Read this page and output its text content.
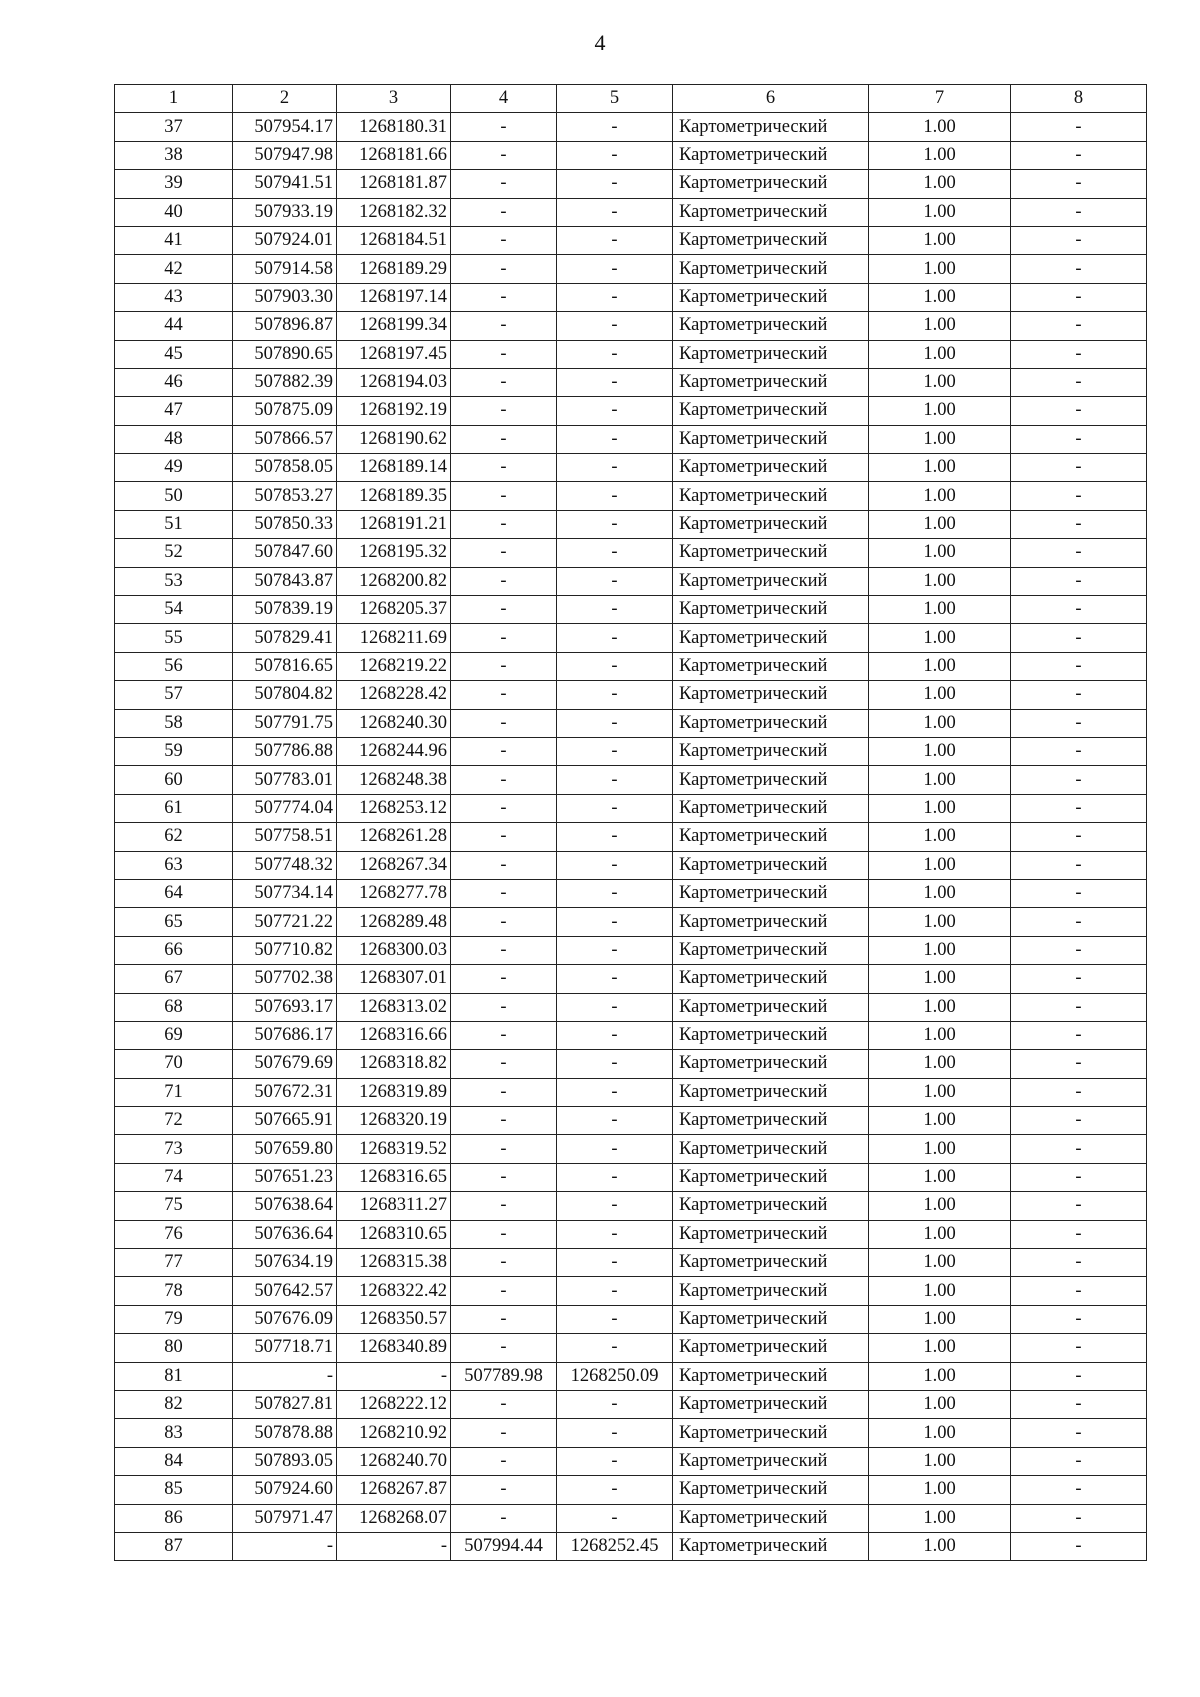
4
1	2	3	4	5	6	7	8
37	507954.17	1268180.31	-	-	Картометрический	1.00	-
38	507947.98	1268181.66	-	-	Картометрический	1.00	-
39	507941.51	1268181.87	-	-	Картометрический	1.00	-
40	507933.19	1268182.32	-	-	Картометрический	1.00	-
41	507924.01	1268184.51	-	-	Картометрический	1.00	-
42	507914.58	1268189.29	-	-	Картометрический	1.00	-
43	507903.30	1268197.14	-	-	Картометрический	1.00	-
44	507896.87	1268199.34	-	-	Картометрический	1.00	-
45	507890.65	1268197.45	-	-	Картометрический	1.00	-
46	507882.39	1268194.03	-	-	Картометрический	1.00	-
47	507875.09	1268192.19	-	-	Картометрический	1.00	-
48	507866.57	1268190.62	-	-	Картометрический	1.00	-
49	507858.05	1268189.14	-	-	Картометрический	1.00	-
50	507853.27	1268189.35	-	-	Картометрический	1.00	-
51	507850.33	1268191.21	-	-	Картометрический	1.00	-
52	507847.60	1268195.32	-	-	Картометрический	1.00	-
53	507843.87	1268200.82	-	-	Картометрический	1.00	-
54	507839.19	1268205.37	-	-	Картометрический	1.00	-
55	507829.41	1268211.69	-	-	Картометрический	1.00	-
56	507816.65	1268219.22	-	-	Картометрический	1.00	-
57	507804.82	1268228.42	-	-	Картометрический	1.00	-
58	507791.75	1268240.30	-	-	Картометрический	1.00	-
59	507786.88	1268244.96	-	-	Картометрический	1.00	-
60	507783.01	1268248.38	-	-	Картометрический	1.00	-
61	507774.04	1268253.12	-	-	Картометрический	1.00	-
62	507758.51	1268261.28	-	-	Картометрический	1.00	-
63	507748.32	1268267.34	-	-	Картометрический	1.00	-
64	507734.14	1268277.78	-	-	Картометрический	1.00	-
65	507721.22	1268289.48	-	-	Картометрический	1.00	-
66	507710.82	1268300.03	-	-	Картометрический	1.00	-
67	507702.38	1268307.01	-	-	Картометрический	1.00	-
68	507693.17	1268313.02	-	-	Картометрический	1.00	-
69	507686.17	1268316.66	-	-	Картометрический	1.00	-
70	507679.69	1268318.82	-	-	Картометрический	1.00	-
71	507672.31	1268319.89	-	-	Картометрический	1.00	-
72	507665.91	1268320.19	-	-	Картометрический	1.00	-
73	507659.80	1268319.52	-	-	Картометрический	1.00	-
74	507651.23	1268316.65	-	-	Картометрический	1.00	-
75	507638.64	1268311.27	-	-	Картометрический	1.00	-
76	507636.64	1268310.65	-	-	Картометрический	1.00	-
77	507634.19	1268315.38	-	-	Картометрический	1.00	-
78	507642.57	1268322.42	-	-	Картометрический	1.00	-
79	507676.09	1268350.57	-	-	Картометрический	1.00	-
80	507718.71	1268340.89	-	-	Картометрический	1.00	-
81	-	-	507789.98	1268250.09	Картометрический	1.00	-
82	507827.81	1268222.12	-	-	Картометрический	1.00	-
83	507878.88	1268210.92	-	-	Картометрический	1.00	-
84	507893.05	1268240.70	-	-	Картометрический	1.00	-
85	507924.60	1268267.87	-	-	Картометрический	1.00	-
86	507971.47	1268268.07	-	-	Картометрический	1.00	-
87	-	-	507994.44	1268252.45	Картометрический	1.00	-
